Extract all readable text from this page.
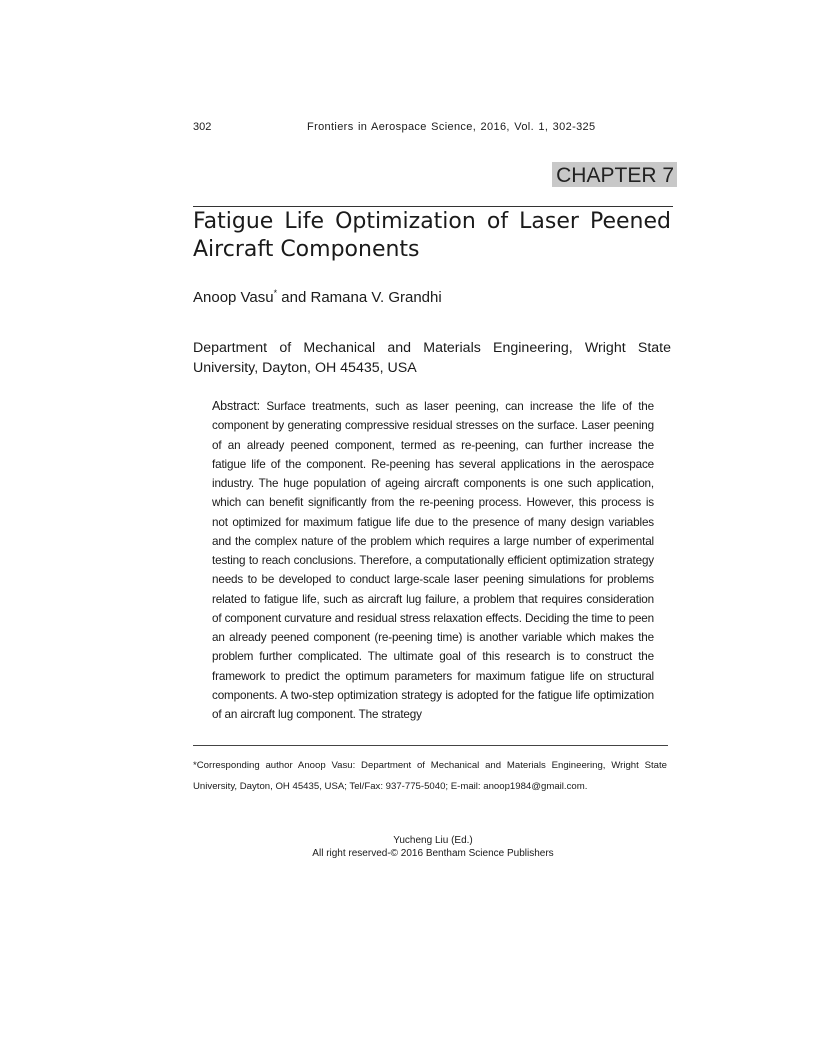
302	Frontiers in Aerospace Science, 2016, Vol. 1, 302-325
CHAPTER 7
Fatigue Life Optimization of Laser Peened Aircraft Components
Anoop Vasu* and Ramana V. Grandhi
Department of Mechanical and Materials Engineering, Wright State University, Dayton, OH 45435, USA

Abstract: Surface treatments, such as laser peening, can increase the life of the component by generating compressive residual stresses on the surface. Laser peening of an already peened component, termed as re-peening, can further increase the fatigue life of the component. Re-peening has several applications in the aerospace industry. The huge population of ageing aircraft components is one such application, which can benefit significantly from the re-peening process. However, this process is not optimized for maximum fatigue life due to the presence of many design variables and the complex nature of the problem which requires a large number of experimental testing to reach conclusions. Therefore, a computationally efficient optimization strategy needs to be developed to conduct large-scale laser peening simulations for problems related to fatigue life, such as aircraft lug failure, a problem that requires consideration of component curvature and residual stress relaxation effects. Deciding the time to peen an already peened component (re-peening time) is another variable which makes the problem further complicated. The ultimate goal of this research is to construct the framework to predict the optimum parameters for maximum fatigue life on structural components. A two-step optimization strategy is adopted for the fatigue life optimization of an aircraft lug component. The strategy

*Corresponding author Anoop Vasu: Department of Mechanical and Materials Engineering, Wright State University, Dayton, OH 45435, USA; Tel/Fax: 937-775-5040; E-mail: anoop1984@gmail.com.

Yucheng Liu (Ed.)
All right reserved-© 2016 Bentham Science Publishers
